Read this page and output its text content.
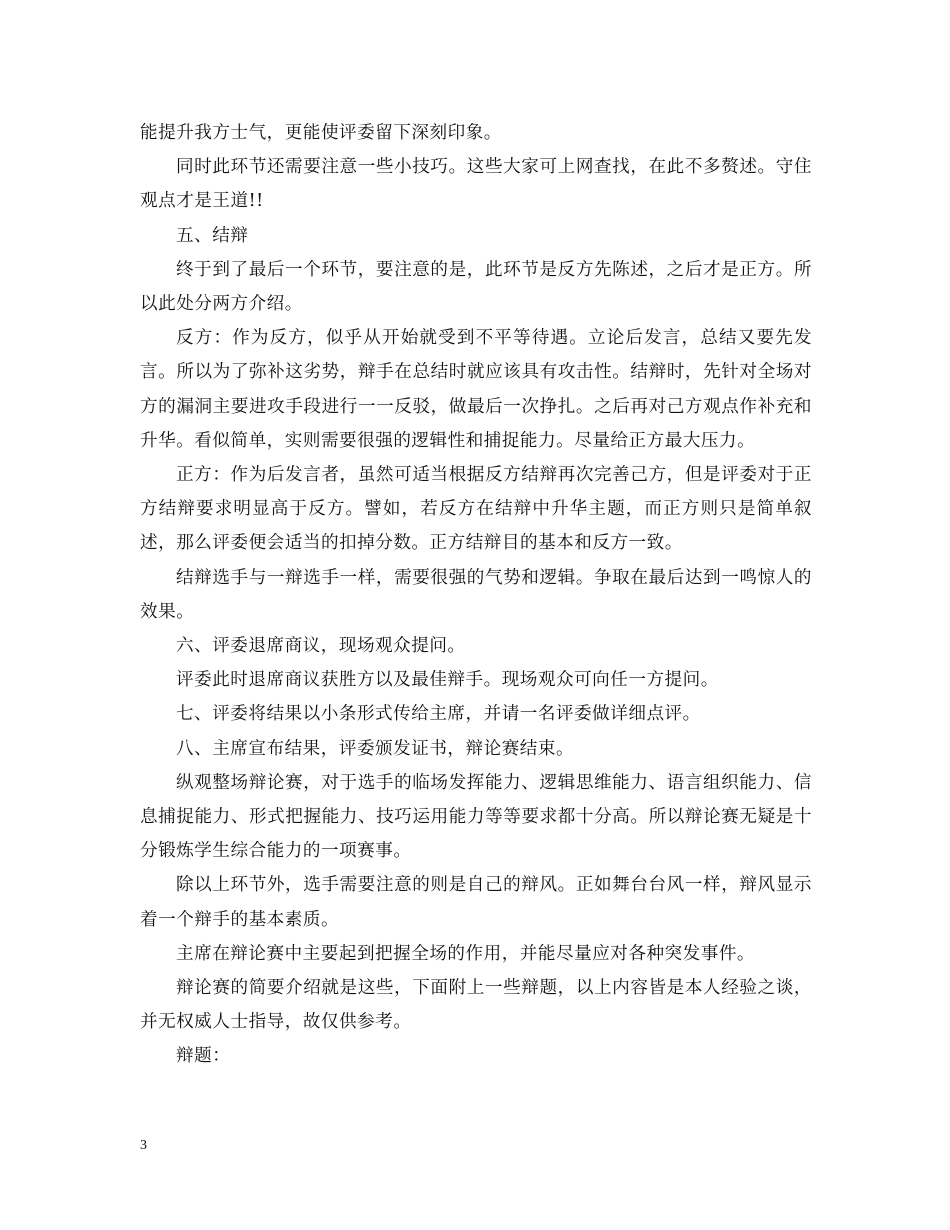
能提升我方士气，更能使评委留下深刻印象。

同时此环节还需要注意一些小技巧。这些大家可上网查找，在此不多赘述。守住观点才是王道!!

五、结辩

终于到了最后一个环节，要注意的是，此环节是反方先陈述，之后才是正方。所以此处分两方介绍。

反方：作为反方，似乎从开始就受到不平等待遇。立论后发言，总结又要先发言。所以为了弥补这劣势，辩手在总结时就应该具有攻击性。结辩时，先针对全场对方的漏洞主要进攻手段进行一一反驳，做最后一次挣扎。之后再对己方观点作补充和升华。看似简单，实则需要很强的逻辑性和捕捉能力。尽量给正方最大压力。

正方：作为后发言者，虽然可适当根据反方结辩再次完善己方，但是评委对于正方结辩要求明显高于反方。譬如，若反方在结辩中升华主题，而正方则只是简单叙述，那么评委便会适当的扣掉分数。正方结辩目的基本和反方一致。

结辩选手与一辩选手一样，需要很强的气势和逻辑。争取在最后达到一鸣惊人的效果。

六、评委退席商议，现场观众提问。

评委此时退席商议获胜方以及最佳辩手。现场观众可向任一方提问。

七、评委将结果以小条形式传给主席，并请一名评委做详细点评。

八、主席宣布结果，评委颁发证书，辩论赛结束。

纵观整场辩论赛，对于选手的临场发挥能力、逻辑思维能力、语言组织能力、信息捕捉能力、形式把握能力、技巧运用能力等等要求都十分高。所以辩论赛无疑是十分锻炼学生综合能力的一项赛事。

除以上环节外，选手需要注意的则是自己的辩风。正如舞台台风一样，辩风显示着一个辩手的基本素质。

主席在辩论赛中主要起到把握全场的作用，并能尽量应对各种突发事件。

辩论赛的简要介绍就是这些，下面附上一些辩题，以上内容皆是本人经验之谈，并无权威人士指导，故仅供参考。

辩题：

3
